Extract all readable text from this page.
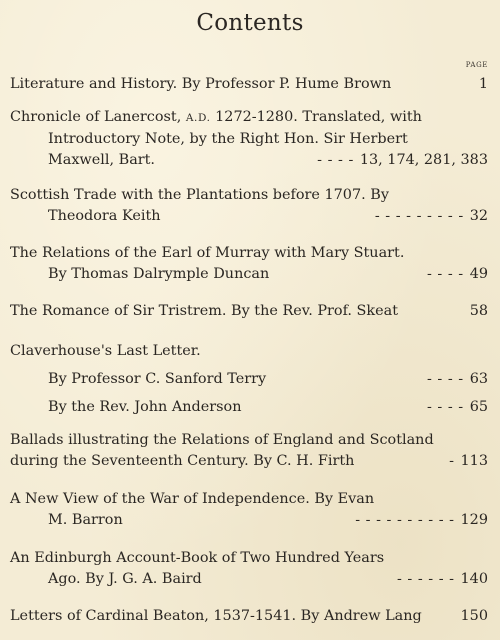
Contents
PAGE
Literature and History. By Professor P. Hume Brown	1
Chronicle of Lanercost, A.D. 1272-1280. Translated, with
Introductory Note, by the Right Hon. Sir Herbert
Maxwell, Bart.	- - - - 13, 174, 281, 383
Scottish Trade with the Plantations before 1707. By
Theodora Keith	- - - - - - - - - 32
The Relations of the Earl of Murray with Mary Stuart.
By Thomas Dalrymple Duncan	- - - - 49
The Romance of Sir Tristrem. By the Rev. Prof. Skeat	58
Claverhouse's Last Letter.
By Professor C. Sanford Terry	- - - - 63
By the Rev. John Anderson	- - - - 65
Ballads illustrating the Relations of England and Scotland
during the Seventeenth Century. By C. H. Firth	- 113
A New View of the War of Independence. By Evan
M. Barron	- - - - - - - - - - 129
An Edinburgh Account-Book of Two Hundred Years
Ago. By J. G. A. Baird	- - - - - - 140
Letters of Cardinal Beaton, 1537-1541. By Andrew Lang	150
